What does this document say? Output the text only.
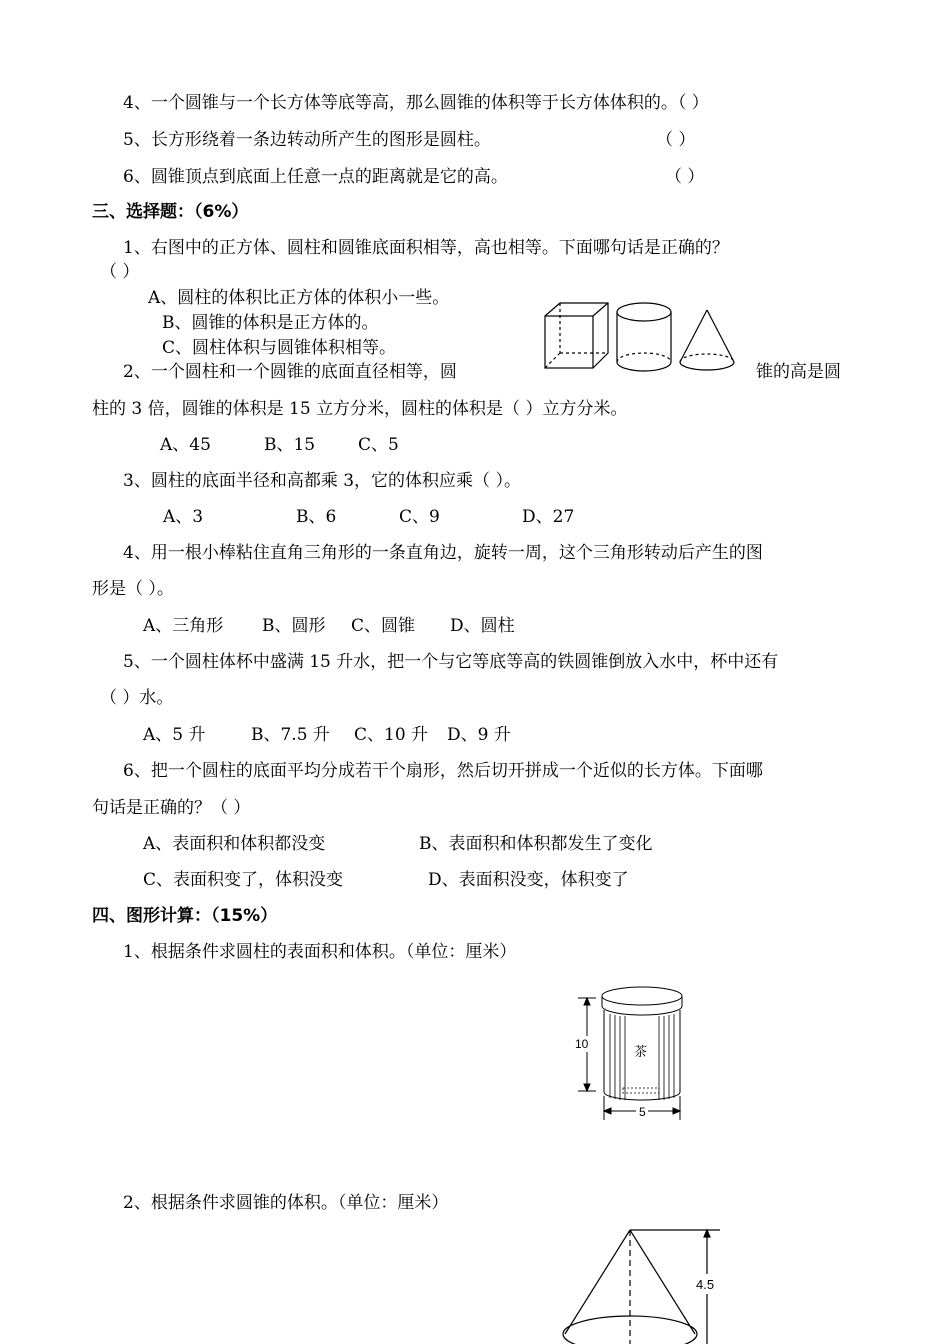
4、一个圆锥与一个长方体等底等高，那么圆锥的体积等于长方体体积的。（ ）
5、长方形绕着一条边转动所产生的图形是圆柱。	（ ）
6、圆锥顶点到底面上任意一点的距离就是它的高。	（ ）
三、选择题：（6%）
1、右图中的正方体、圆柱和圆锥底面积相等，高也相等。下面哪句话是正确的？
（ ）
A、圆柱的体积比正方体的体积小一些。
B、圆锥的体积是正方体的。
C、圆柱体积与圆锥体积相等。
2、一个圆柱和一个圆锥的底面直径相等，圆	锥的高是圆
柱的 3 倍，圆锥的体积是 15 立方分米，圆柱的体积是（ ）立方分米。
A、45	B、15	C、5
3、圆柱的底面半径和高都乘 3，它的体积应乘（ ）。
A、3	B、6	C、9	D、27
4、用一根小棒粘住直角三角形的一条直角边，旋转一周，这个三角形转动后产生的图
形是（ ）。
A、三角形 B、圆形 C、圆锥 D、圆柱
5、一个圆柱体杯中盛满 15 升水，把一个与它等底等高的铁圆锥倒放入水中，杯中还有
（ ）水。
A、5 升	B、7.5 升 C、10 升 D、9 升
6、把一个圆柱的底面平均分成若干个扇形，然后切开拼成一个近似的长方体。下面哪
句话是正确的？（ ）
A、表面积和体积都没变	B、表面积和体积都发生了变化
C、表面积变了，体积没变	D、表面积没变，体积变了
四、图形计算：（15%）
1、根据条件求圆柱的表面积和体积。（单位：厘米）
10
5
茶
2、根据条件求圆锥的体积。（单位：厘米）
4.5
